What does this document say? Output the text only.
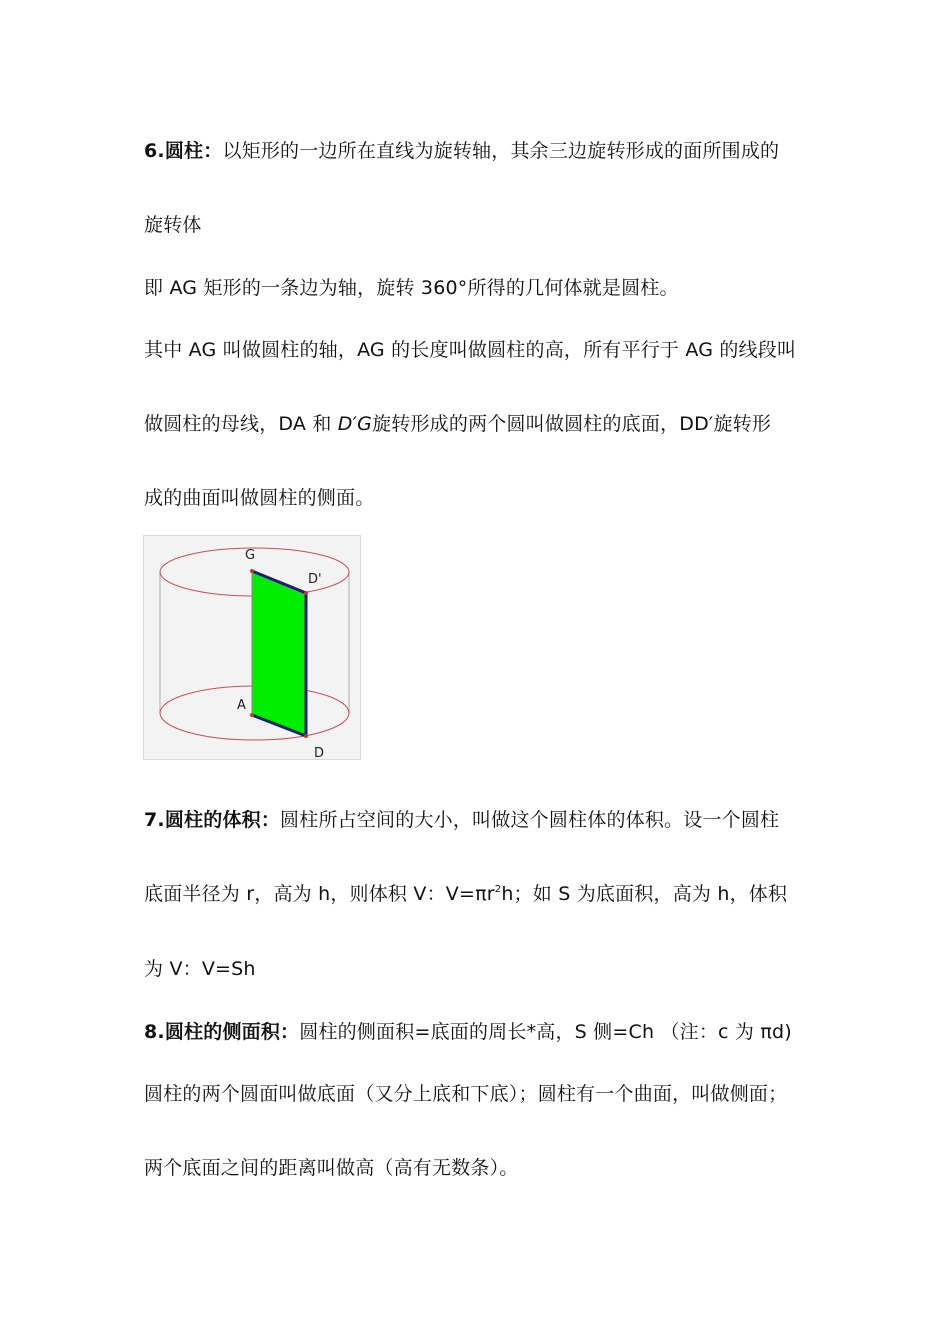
6.圆柱：以矩形的一边所在直线为旋转轴，其余三边旋转形成的面所围成的
旋转体
即 AG 矩形的一条边为轴，旋转 360°所得的几何体就是圆柱。
其中 AG 叫做圆柱的轴，AG 的长度叫做圆柱的高，所有平行于 AG 的线段叫
做圆柱的母线，DA 和 D′G旋转形成的两个圆叫做圆柱的底面，DD′旋转形
成的曲面叫做圆柱的侧面。
G
D'
A
D
7.圆柱的体积：圆柱所占空间的大小，叫做这个圆柱体的体积。设一个圆柱
底面半径为 r，高为 h，则体积 V：$V=\pi r^2h$；如 S 为底面积，高为 h，体积
为 V：V=Sh
8.圆柱的侧面积：圆柱的侧面积=底面的周长*高，S 侧=Ch （注：c 为 πd)
圆柱的两个圆面叫做底面（又分上底和下底）；圆柱有一个曲面，叫做侧面；
两个底面之间的距离叫做高（高有无数条）。
